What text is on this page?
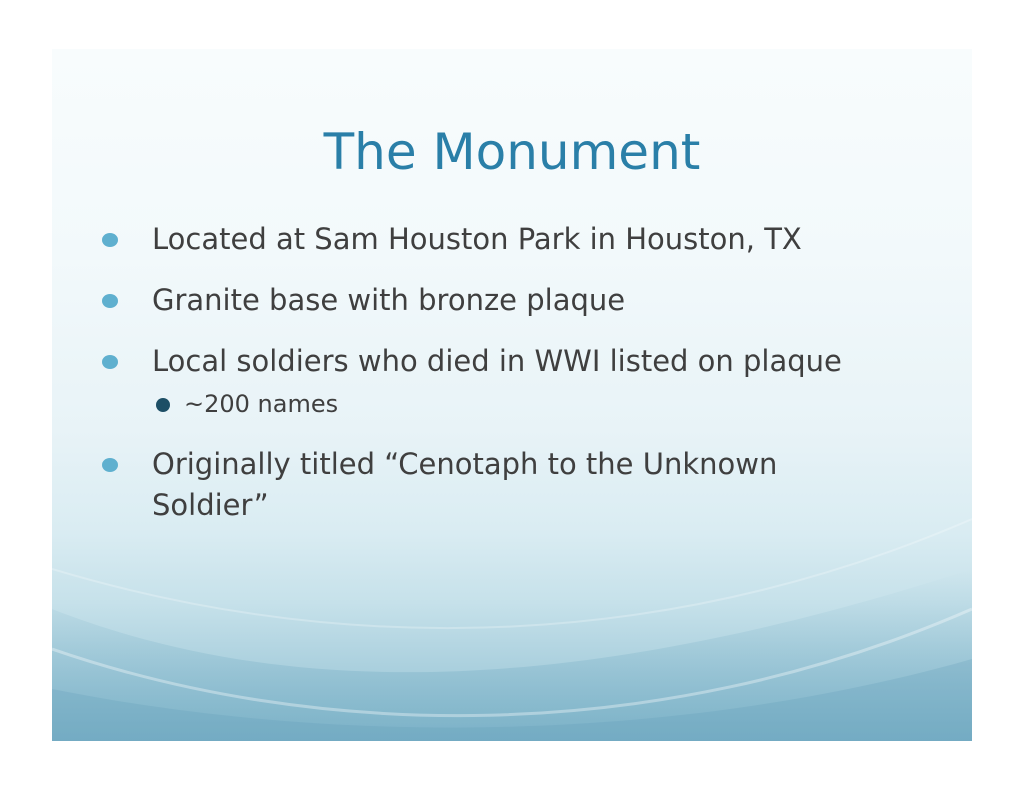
The Monument
Located at Sam Houston Park in Houston, TX
Granite base with bronze plaque
Local soldiers who died in WWI listed on plaque
~200 names
Originally titled “Cenotaph to the Unknown Soldier”
